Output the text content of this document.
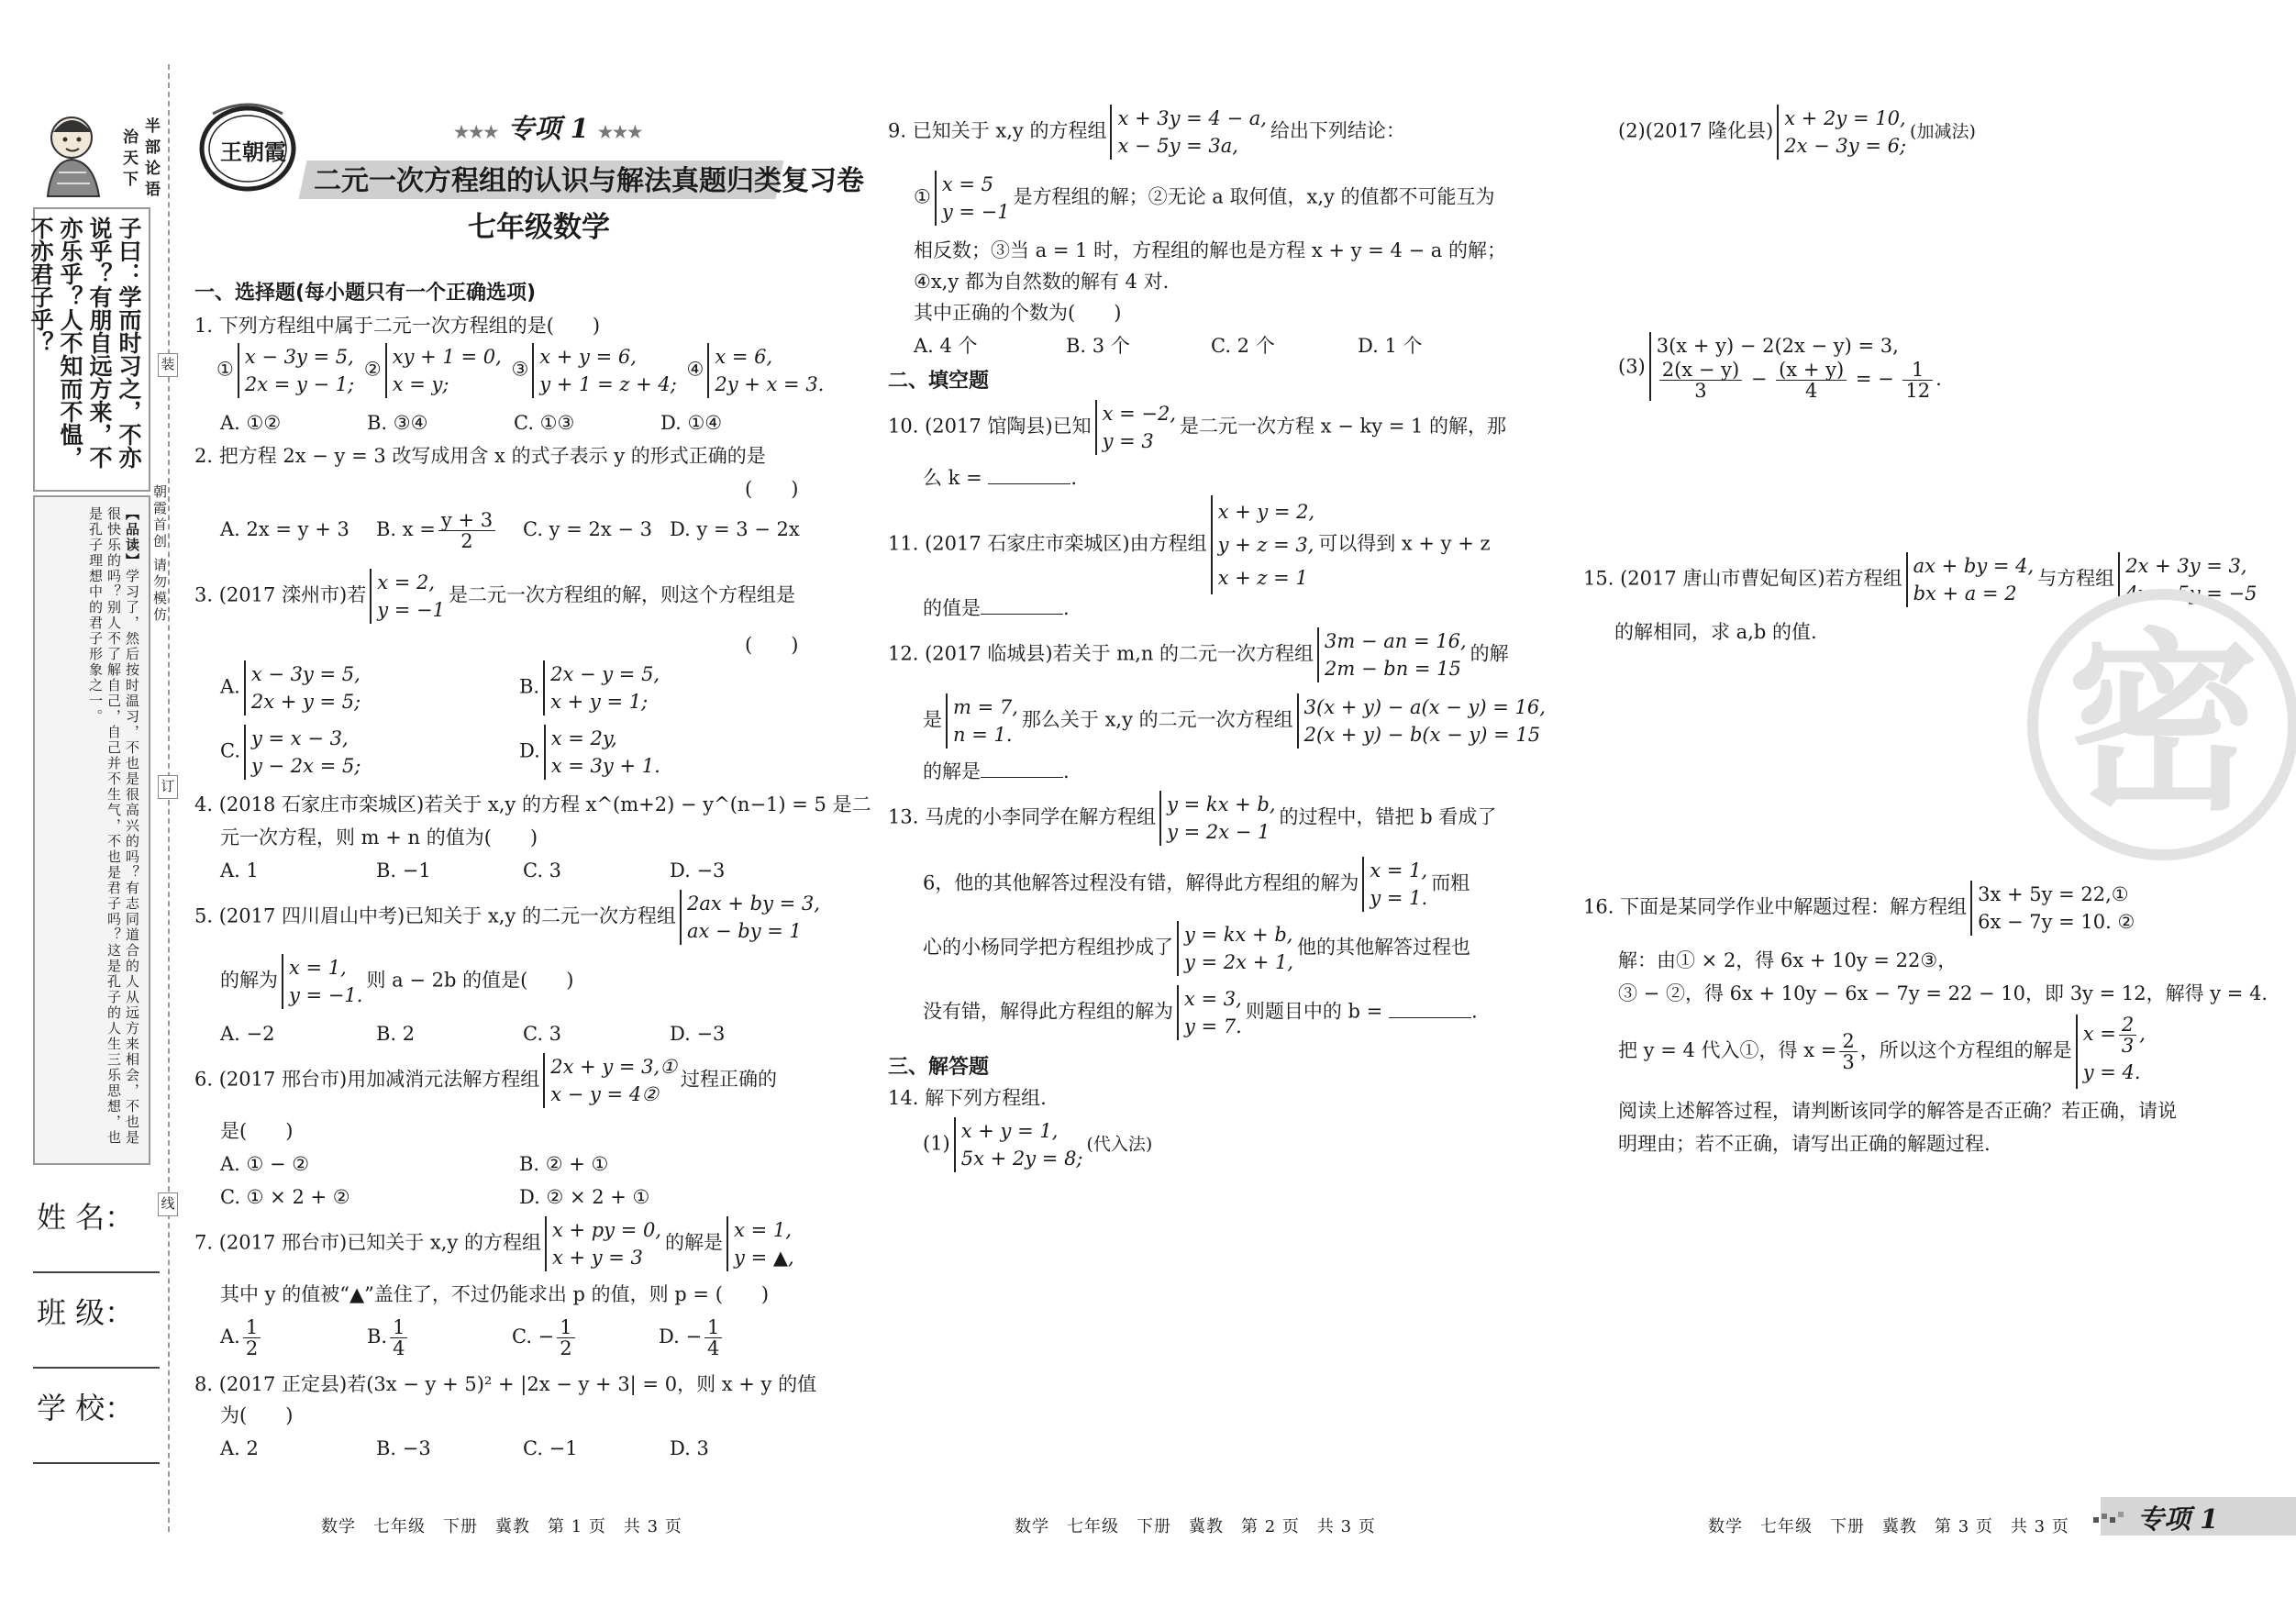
半部论语
治天下
子曰：学而时习之，不亦说乎？有朋自远方来，不亦乐乎？人不知而不愠，不亦君子乎？
【品读】学习了，然后按时温习，不也是很高兴的吗？有志同道合的人从远方来相会，不也是很快乐的吗？别人不了解自己，自己并不生气，不也是君子吗？这是孔子的人生三乐思想，也是孔子理想中的君子形象之一。
装
订
线
朝霞首创 请勿模仿
姓 名：
班 级：
学 校：
王朝霞
★★★ 专项 1 ★★★
二元一次方程组的认识与解法真题归类复习卷
七年级数学
一、选择题(每小题只有一个正确选项)
1. 下列方程组中属于二元一次方程组的是(　　)
①x − 3y = 5,
2x = y − 1; ②xy + 1 = 0,
x = y; ③x + y = 6,
y + 1 = z + 4; ④x = 6,
2y + x = 3.
A. ①②	B. ③④	C. ①③	D. ①④
2. 把方程 2x − y = 3 改写成用含 x 的式子表示 y 的形式正确的是
(　　)
A. 2x = y + 3 B. $x = \frac{y + 3}{2} C$. y = 2x − 3 D. y = 3 − 2x
3. (2017 滦州市)若x = 2,
y = −1是二元一次方程组的解，则这个方程组是
(　　)
A.x − 3y = 5,
2x + y = 5;
B.2x − y = 5,
x + y = 1;
C.y = x − 3,
y − 2x = 5;
D.x = 2y,
x = 3y + 1.
4. (2018 石家庄市栾城区)若关于 x,y 的方程 x^(m+2) − y^(n−1) = 5 是二
元一次方程，则 m + n 的值为(　　)
A. 1	B. −1	C. 3	D. −3
5. (2017 四川眉山中考)已知关于 x,y 的二元一次方程组2ax + by = 3,
ax − by = 1
的解为x = 1,
y = −1.则 a − 2b 的值是(　　)
A. −2	B. 2	C. 3	D. −3
6. (2017 邢台市)用加减消元法解方程组2x + y = 3,①
x − y = 4②过程正确的
是(　　)
A. ① − ②	B. ② + ①
C. ① × 2 + ②	D. ② × 2 + ①
7. (2017 邢台市)已知关于 x,y 的方程组x + py = 0,
x + y = 3的解是x = 1,
y = ▲,
其中 y 的值被“▲”盖住了，不过仍能求出 p 的值，则 p = (　　)
A. $\frac{1}{2}$	B. $\frac{1}{4}$	C. − $\frac{1}{2}$	D. − $\frac{1}{4}$
8. (2017 正定县)若(3x − y + 5)² + |2x − y + 3| = 0，则 x + y 的值
为(　　)
A. 2	B. −3	C. −1	D. 3
数学　七年级　下册　冀教　第 1 页　共 3 页
9. 已知关于 x,y 的方程组x + 3y = 4 − a,
x − 5y = 3a,给出下列结论：
①x = 5
y = −1是方程组的解；②无论 a 取何值，x,y 的值都不可能互为
相反数；③当 a = 1 时，方程组的解也是方程 x + y = 4 − a 的解；
④x,y 都为自然数的解有 4 对.
其中正确的个数为(　　)
A. 4 个	B. 3 个	C. 2 个	D. 1 个
二、填空题
10. (2017 馆陶县)已知x = −2,
y = 3是二元一次方程 x − ky = 1 的解，那
么 k =	.
11. (2017 石家庄市栾城区)由方程组x + y = 2,
y + z = 3,
x + z = 1可以得到 x + y + z
的值是	.
12. (2017 临城县)若关于 m,n 的二元一次方程组3m − an = 16,
2m − bn = 15的解
是m = 7,
n = 1.那么关于 x,y 的二元一次方程组3(x + y) − a(x − y) = 16,
2(x + y) − b(x − y) = 15
的解是	.
13. 马虎的小李同学在解方程组y = kx + b,
y = 2x − 1的过程中，错把 b 看成了
6，他的其他解答过程没有错，解得此方程组的解为x = 1,
y = 1.而粗
心的小杨同学把方程组抄成了y = kx + b,
y = 2x + 1,他的其他解答过程也
没有错，解得此方程组的解为x = 3,
y = 7.则题目中的 b =	.
三、解答题
14. 解下列方程组.
(1)x + y = 1,
5x + 2y = 8;(代入法)
数学　七年级　下册　冀教　第 2 页　共 3 页
(2)(2017 隆化县)x + 2y = 10,
2x − 3y = 6;(加减法)
(3)3(x + y) − 2(2x − y) = 3,

$\frac{2(x - y)}{3} - \frac{(x + y)}{4}$ = − $\frac{1}{12}$ .
15. (2017 唐山市曹妃甸区)若方程组ax + by = 4,
bx + a = 2与方程组2x + 3y = 3,
4x − 5y = −5
的解相同，求 a,b 的值. 密
16. 下面是某同学作业中解题过程：解方程组3x + 5y = 22,①
6x − 7y = 10. ②
解：由① × 2，得 6x + 10y = 22③，
③ − ②，得 6x + 10y − 6x − 7y = 22 − 10，即 3y = 12，解得 y = 4.
把 y = 4 代入①，得 $x = \frac{2}{3}$ ，所以这个方程组的解是$x = \frac{2}{3}$ ,
y = 4.
阅读上述解答过程，请判断该同学的解答是否正确？若正确，请说
明理由；若不正确，请写出正确的解题过程.
数学　七年级　下册　冀教　第 3 页　共 3 页	专项 1
